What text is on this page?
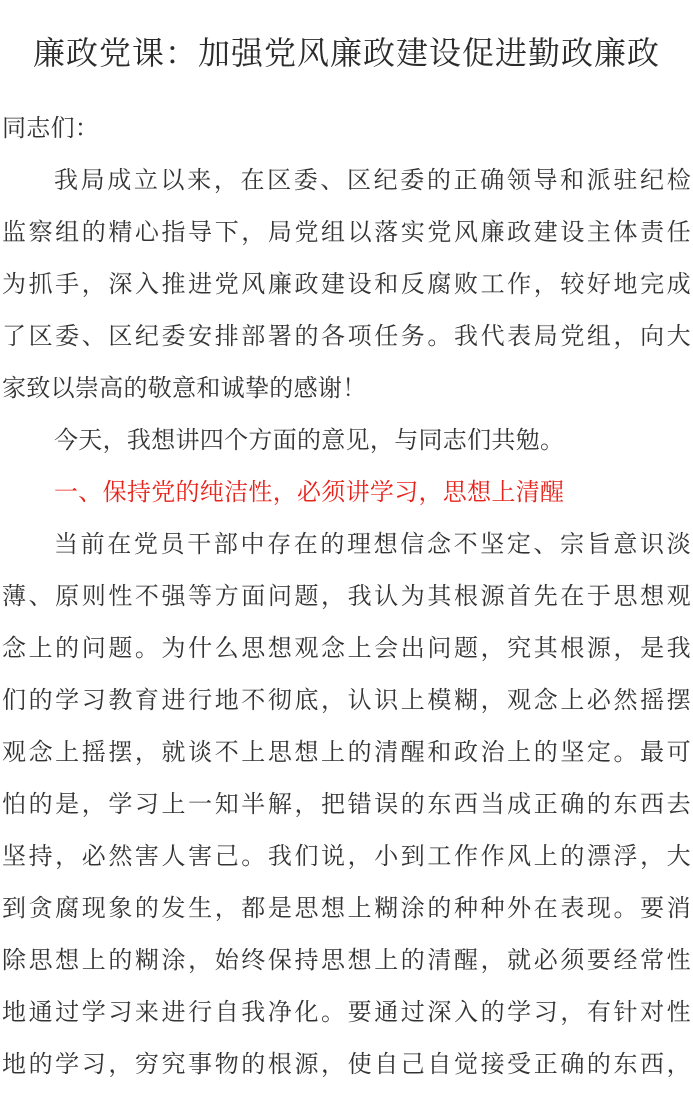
廉政党课：加强党风廉政建设促进勤政廉政
同志们：
我局成立以来，在区委、区纪委的正确领导和派驻纪检
监察组的精心指导下，局党组以落实党风廉政建设主体责任
为抓手，深入推进党风廉政建设和反腐败工作，较好地完成
了区委、区纪委安排部署的各项任务。我代表局党组，向大
家致以崇高的敬意和诚挚的感谢！
今天，我想讲四个方面的意见，与同志们共勉。
一、保持党的纯洁性，必须讲学习，思想上清醒
当前在党员干部中存在的理想信念不坚定、宗旨意识淡
薄、原则性不强等方面问题，我认为其根源首先在于思想观
念上的问题。为什么思想观念上会出问题，究其根源，是我
们的学习教育进行地不彻底，认识上模糊，观念上必然摇摆
观念上摇摆，就谈不上思想上的清醒和政治上的坚定。最可
怕的是，学习上一知半解，把错误的东西当成正确的东西去
坚持，必然害人害己。我们说，小到工作作风上的漂浮，大
到贪腐现象的发生，都是思想上糊涂的种种外在表现。要消
除思想上的糊涂，始终保持思想上的清醒，就必须要经常性
地通过学习来进行自我净化。要通过深入的学习，有针对性
地的学习，穷究事物的根源，使自己自觉接受正确的东西，
